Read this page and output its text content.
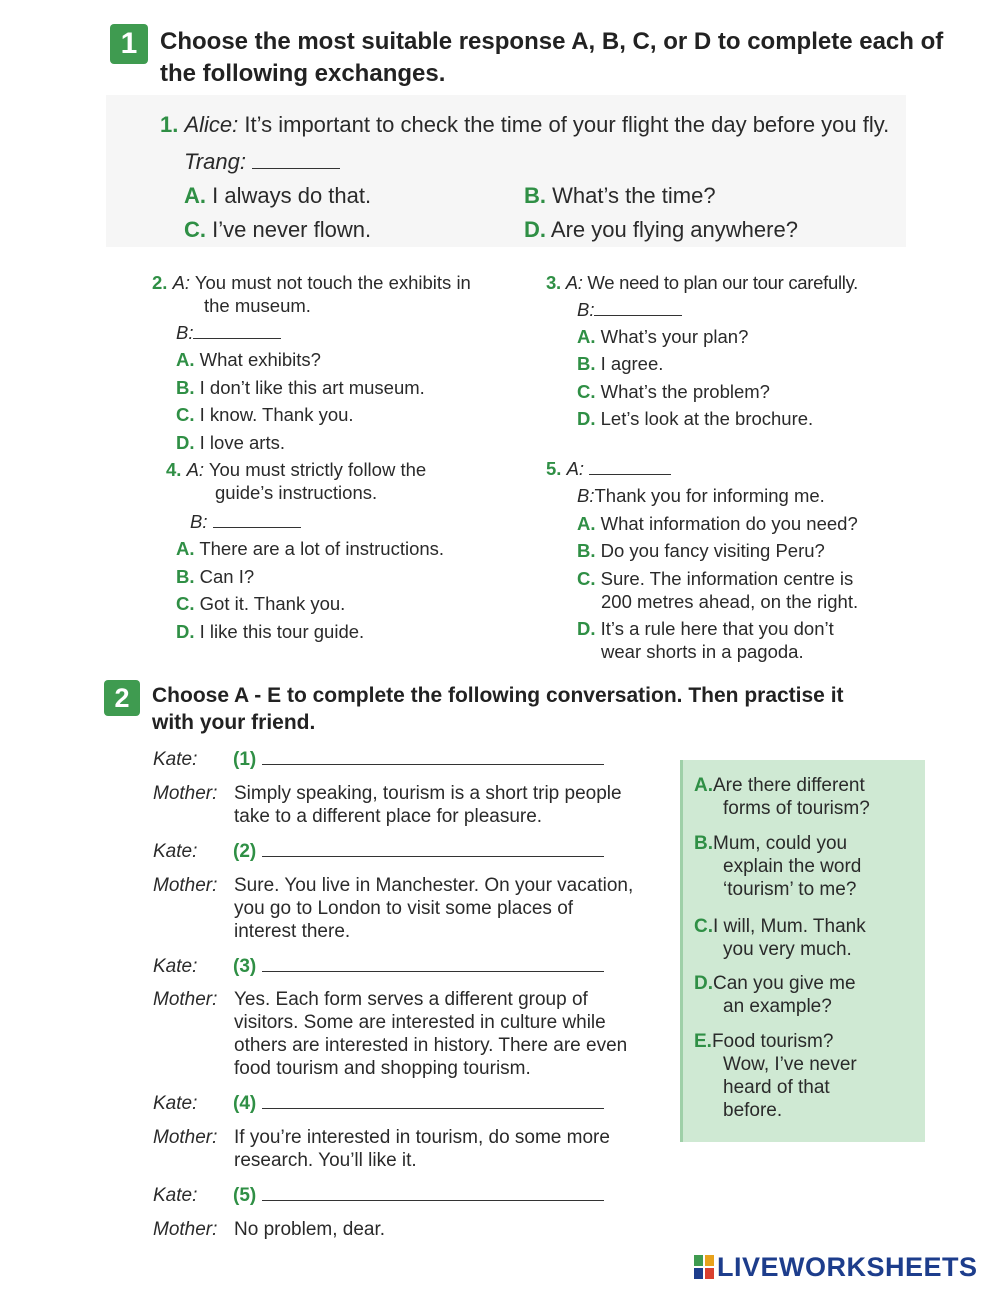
1 Choose the most suitable response A, B, C, or D to complete each of
the following exchanges.
1. Alice: It’s important to check the time of your flight the day before you fly.
Trang:
A. I always do that.	B. What’s the time?
C. I’ve never flown.	D. Are you flying anywhere?
2. A: You must not touch the exhibits in
the museum.
B:
A. What exhibits?
B. I don’t like this art museum.
C. I know. Thank you.
D. I love arts.
3. A: We need to plan our tour carefully.
B:
A. What’s your plan?
B. I agree.
C. What’s the problem?
D. Let’s look at the brochure.
4. A: You must strictly follow the
guide’s instructions.
B:
A. There are a lot of instructions.
B. Can I?
C. Got it. Thank you.
D. I like this tour guide.
5. A:
B:Thank you for informing me.
A. What information do you need?
B. Do you fancy visiting Peru?
C. Sure. The information centre is
200 metres ahead, on the right.
D. It’s a rule here that you don’t
wear shorts in a pagoda.
2	Choose A - E to complete the following conversation. Then practise it
with your friend.
Kate: (1)
Mother: Simply speaking, tourism is a short trip people
take to a different place for pleasure.
Kate: (2)
Mother: Sure. You live in Manchester. On your vacation,
you go to London to visit some places of
interest there.
Kate: (3)
Mother: Yes. Each form serves a different group of
visitors. Some are interested in culture while
others are interested in history. There are even
food tourism and shopping tourism.
Kate: (4)
Mother: If you’re interested in tourism, do some more
research. You’ll like it.
Kate: (5)
Mother: No problem, dear.
A.Are there different
forms of tourism?
B.Mum, could you
explain the word
‘tourism’ to me?
C.I will, Mum. Thank
you very much.
D.Can you give me
an example?
E.Food tourism?
Wow, I’ve never
heard of that
before.
LIVEWORKSHEETS
